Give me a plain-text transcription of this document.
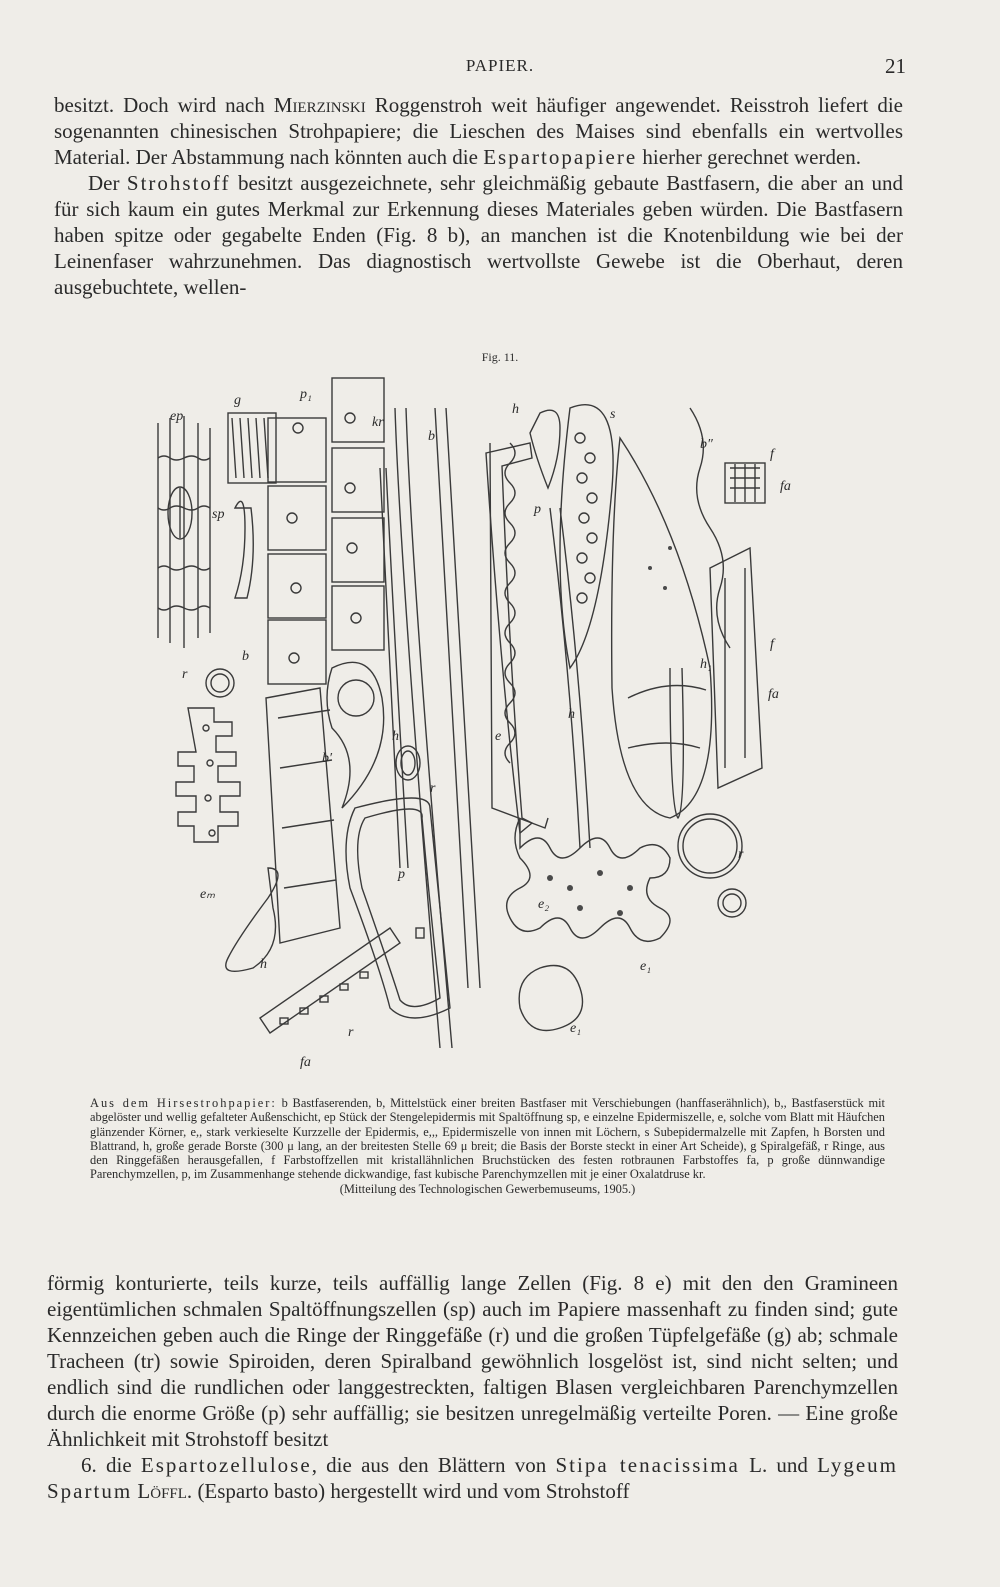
PAPIER.	21

besitzt. Doch wird nach Mierzinski Roggenstroh weit häufiger angewendet. Reisstroh liefert die sogenannten chinesischen Strohpapiere; die Lieschen des Maises sind ebenfalls ein wertvolles Material. Der Abstammung nach könnten auch die Espartopapiere hierher gerechnet werden.

Der Strohstoff besitzt ausgezeichnete, sehr gleichmäßig gebaute Bastfasern, die aber an und für sich kaum ein gutes Merkmal zur Erkennung dieses Materiales geben würden. Die Bastfasern haben spitze oder gegabelte Enden (Fig. 8 b), an manchen ist die Knotenbildung wie bei der Leinenfaser wahrzunehmen. Das diagnostisch wertvollste Gewebe ist die Oberhaut, deren ausgebuchtete, wellen-

Fig. 11.
g	p₁
kr
b
h	s
b″
f
fa
ep
sp	p
h₁
f
fa
b
r
b′
h
r
e
h
r
eₘ
p
e₂
h	e₁
e₁
r
fa
Aus dem Hirsestrohpapier: b Bastfaserenden, b, Mittelstück einer breiten Bastfaser mit Verschiebungen (hanffaserähnlich), b,, Bastfaserstück mit abgelöster und wellig gefalteter Außenschicht, ep Stück der Stengelepidermis mit Spaltöffnung sp, e einzelne Epidermiszelle, e, solche vom Blatt mit Häufchen glänzender Körner, e,, stark verkieselte Kurzzelle der Epidermis, e,,, Epidermiszelle von innen mit Löchern, s Subepidermalzelle mit Zapfen, h Borsten und Blattrand, h, große gerade Borste (300 μ lang, an der breitesten Stelle 69 μ breit; die Basis der Borste steckt in einer Art Scheide), g Spiralgefäß, r Ringe, aus den Ringgefäßen herausgefallen, f Farbstoffzellen mit kristallähnlichen Bruchstücken des festen rotbraunen Farbstoffes fa, p große dünnwandige Parenchymzellen, p, im Zusammenhange stehende dickwandige, fast kubische Parenchymzellen mit je einer Oxalatdruse kr.
(Mitteilung des Technologischen Gewerbemuseums, 1905.)

förmig konturierte, teils kurze, teils auffällig lange Zellen (Fig. 8 e) mit den den Gramineen eigentümlichen schmalen Spaltöffnungszellen (sp) auch im Papiere massenhaft zu finden sind; gute Kennzeichen geben auch die Ringe der Ringgefäße (r) und die großen Tüpfelgefäße (g) ab; schmale Tracheen (tr) sowie Spiroiden, deren Spiralband gewöhnlich losgelöst ist, sind nicht selten; und endlich sind die rundlichen oder langgestreckten, faltigen Blasen vergleichbaren Parenchymzellen durch die enorme Größe (p) sehr auffällig; sie besitzen unregelmäßig verteilte Poren. — Eine große Ähnlichkeit mit Strohstoff besitzt

6. die Espartozellulose, die aus den Blättern von Stipa tenacissima L. und Lygeum Spartum Löffl. (Esparto basto) hergestellt wird und vom Strohstoff
